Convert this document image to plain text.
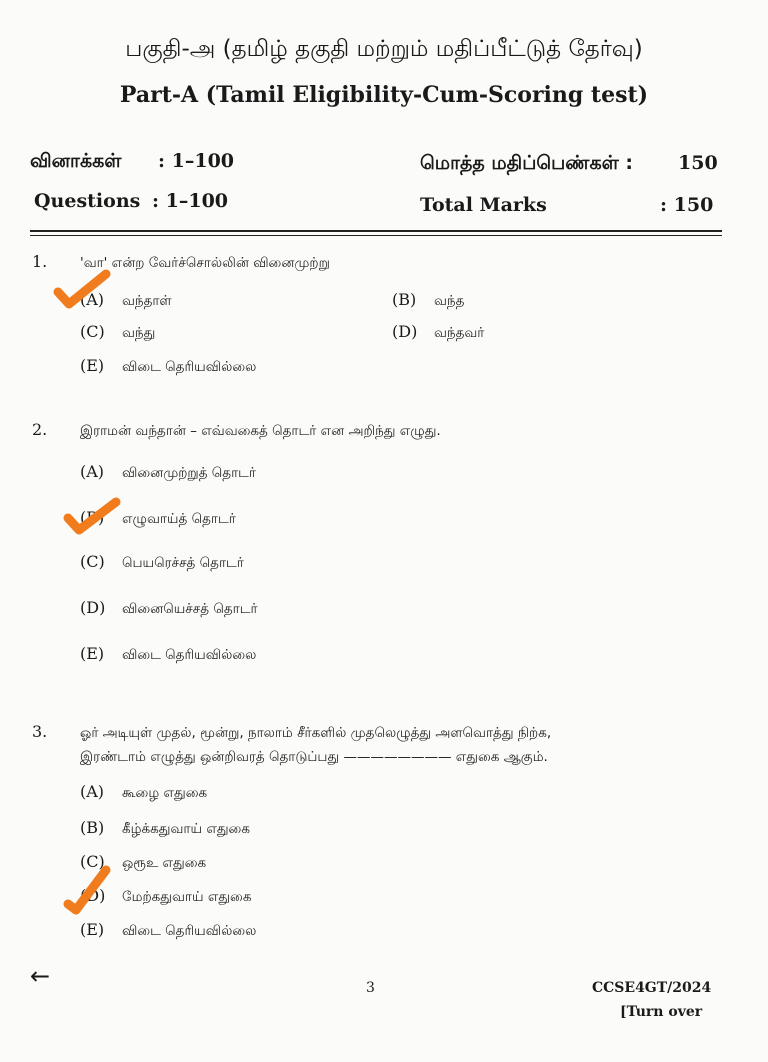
பகுதி-அ (தமிழ் தகுதி மற்றும் மதிப்பீட்டுத் தேர்வு)
Part-A (Tamil Eligibility-Cum-Scoring test)
வினாக்கள் : 1–100	மொத்த மதிப்பெண்கள் : 150
Questions : 1–100	Total Marks	: 150
1. 'வா' என்ற வேர்ச்சொல்லின் வினைமுற்று
(A) வந்தாள்	(B) வந்த
(C) வந்து	(D) வந்தவர்
(E) விடை தெரியவில்லை
2. இராமன் வந்தான் – எவ்வகைத் தொடர் என அறிந்து எழுது.
(A) வினைமுற்றுத் தொடர்
(B) எழுவாய்த் தொடர்
(C) பெயரெச்சத் தொடர்
(D) வினையெச்சத் தொடர்
(E) விடை தெரியவில்லை
3. ஓர் அடியுள் முதல், மூன்று, நாலாம் சீர்களில் முதலெழுத்து அளவொத்து நிற்க,
இரண்டாம் எழுத்து ஒன்றிவரத் தொடுப்பது ———————— எதுகை ஆகும்.
(A) கூழை எதுகை
(B) கீழ்க்கதுவாய் எதுகை
(C) ஒரூஉ எதுகை
(D) மேற்கதுவாய் எதுகை
(E) விடை தெரியவில்லை
←	3	CCSE4GT/2024
[Turn over
